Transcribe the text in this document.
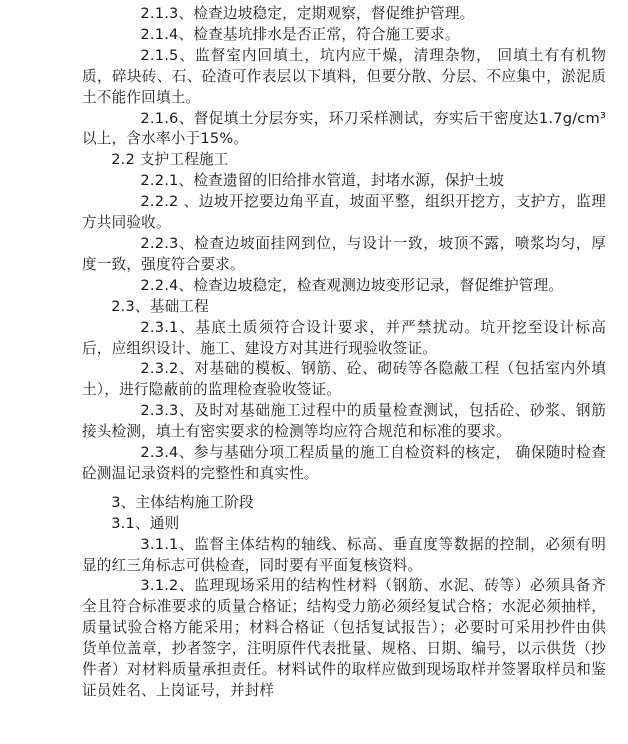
2.1.3、检查边坡稳定，定期观察，督促维护管理。

2.1.4、检查基坑排水是否正常，符合施工要求。

2.1.5、监督室内回填土，坑内应干燥，清理杂物， 回填土有有机物质，碎块砖、石、砼渣可作表层以下填料，但要分散、分层、不应集中，淤泥质土不能作回填土。

2.1.6、督促填土分层夯实，环刀采样测试，夯实后干密度达1.7g/cm³以上，含水率小于15%。

2.2 支护工程施工

2.2.1、检查遗留的旧给排水管道，封堵水源，保护土坡

2.2.2 、边坡开挖要边角平直，坡面平整，组织开挖方，支护方，监理方共同验收。

2.2.3、检查边坡面挂网到位，与设计一致，坡顶不露，喷浆均匀，厚度一致，强度符合要求。

2.2.4、检查边坡稳定，检查观测边坡变形记录，督促维护管理。

2.3、基础工程

2.3.1、基底土质须符合设计要求，并严禁扰动。坑开挖至设计标高后，应组织设计、施工、建设方对其进行现验收签证。

2.3.2、对基础的模板、钢筋、砼、砌砖等各隐蔽工程（包括室内外填土），进行隐蔽前的监理检查验收签证。

2.3.3、及时对基础施工过程中的质量检查测试，包括砼、砂浆、钢筋接头检测，填土有密实要求的检测等均应符合规范和标准的要求。

2.3.4、参与基础分项工程质量的施工自检资料的核定， 确保随时检查砼测温记录资料的完整性和真实性。

3、主体结构施工阶段

3.1、通则

3.1.1、监督主体结构的轴线、标高、垂直度等数据的控制，必须有明显的红三角标志可供检查，同时要有平面复核资料。

3.1.2、监理现场采用的结构性材料（钢筋、水泥、砖等）必须具备齐全且符合标准要求的质量合格证；结构受力筋必须经复试合格；水泥必须抽样，质量试验合格方能采用；材料合格证（包括复试报告）；必要时可采用抄件由供货单位盖章，抄者签字，注明原件代表批量、规格、日期、编号，以示供货（抄件者）对材料质量承担责任。材料试件的取样应做到现场取样并签署取样员和鉴证员姓名、上岗证号，并封样
